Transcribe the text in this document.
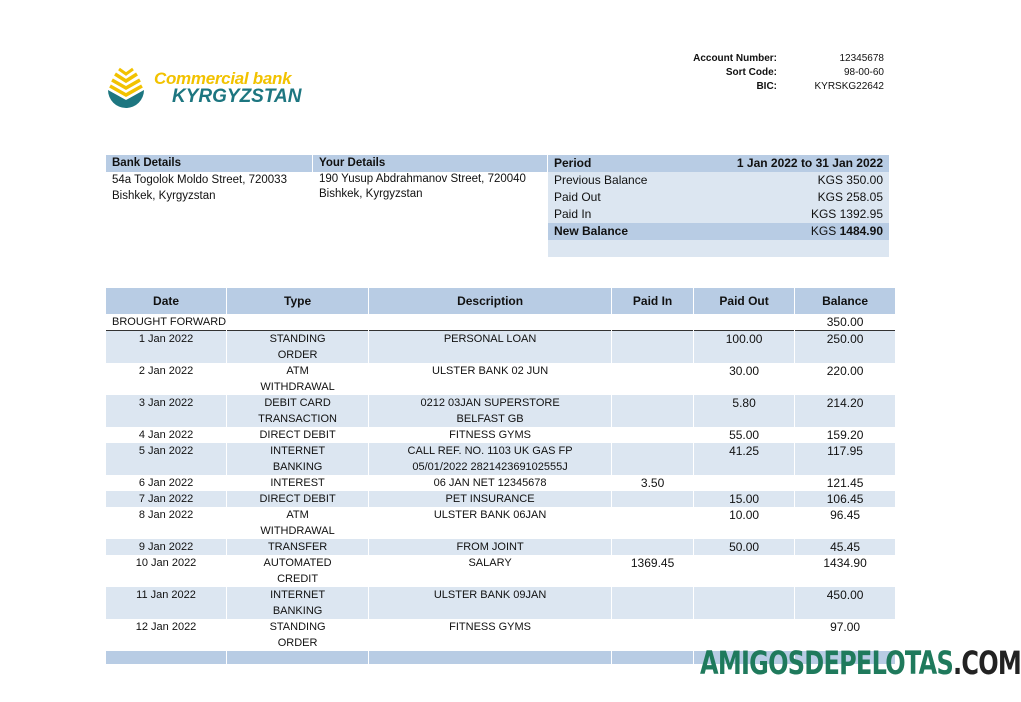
Commercial bank
KYRGYZSTAN
Account Number:	12345678
Sort Code:	98-00-60
BIC:	KYRSKG22642
Bank Details
54a Togolok Moldo Street, 720033
Bishkek, Kyrgyzstan
Your Details
190 Yusup Abdrahmanov Street, 720040
Bishkek, Kyrgyzstan
Period	1 Jan 2022 to 31 Jan 2022
Previous Balance	KGS 350.00
Paid Out	KGS 258.05
Paid In	KGS 1392.95
New Balance	KGS 1484.90
Date	Type	Description	Paid In	Paid Out	Balance
BROUGHT FORWARD					350.00
1 Jan 2022	STANDING ORDER	PERSONAL LOAN		100.00	250.00
2 Jan 2022	ATM WITHDRAWAL	ULSTER BANK 02 JUN		30.00	220.00
3 Jan 2022	DEBIT CARD TRANSACTION	0212 03JAN SUPERSTORE BELFAST GB		5.80	214.20
4 Jan 2022	DIRECT DEBIT	FITNESS GYMS		55.00	159.20
5 Jan 2022	INTERNET BANKING	CALL REF. NO. 1103 UK GAS FP 05/01/2022 282142369102555J		41.25	117.95
6 Jan 2022	INTEREST	06 JAN NET 12345678	3.50		121.45
7 Jan 2022	DIRECT DEBIT	PET INSURANCE		15.00	106.45
8 Jan 2022	ATM WITHDRAWAL	ULSTER BANK 06JAN		10.00	96.45
9 Jan 2022	TRANSFER	FROM JOINT		50.00	45.45
10 Jan 2022	AUTOMATED CREDIT	SALARY	1369.45		1434.90
11 Jan 2022	INTERNET BANKING	ULSTER BANK 09JAN			450.00
12 Jan 2022	STANDING ORDER	FITNESS GYMS			97.00

AMIGOSDEPELOTAS.COM
